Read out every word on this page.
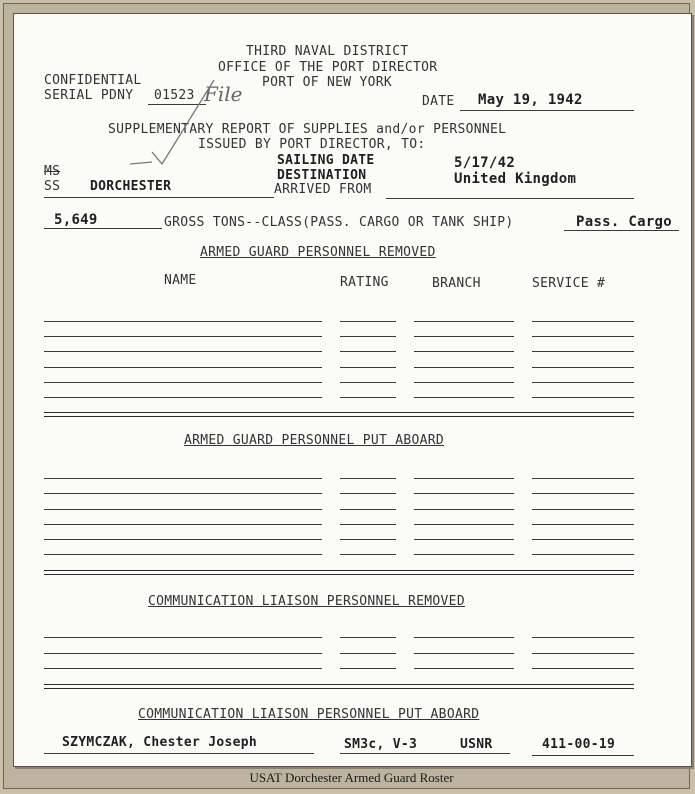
THIRD NAVAL DISTRICT
OFFICE OF THE PORT DIRECTOR
PORT OF NEW YORK
CONFIDENTIAL
SERIAL PDNY 01523 File	DATE May 19, 1942
SUPPLEMENTARY REPORT OF SUPPLIES and/or PERSONNEL
ISSUED BY PORT DIRECTOR, TO:
MS
SS DORCHESTER
SAILING DATE	5/17/42
DESTINATION	United Kingdom
ARRIVED FROM
5,649	GROSS TONS--CLASS(PASS. CARGO OR TANK SHIP)	Pass. Cargo
ARMED GUARD PERSONNEL REMOVED
NAME	RATING	BRANCH	SERVICE #
ARMED GUARD PERSONNEL PUT ABOARD
COMMUNICATION LIAISON PERSONNEL REMOVED
COMMUNICATION LIAISON PERSONNEL PUT ABOARD
SZYMCZAK, Chester Joseph	SM3c, V-3	USNR	411-00-19
USAT Dorchester Armed Guard Roster
